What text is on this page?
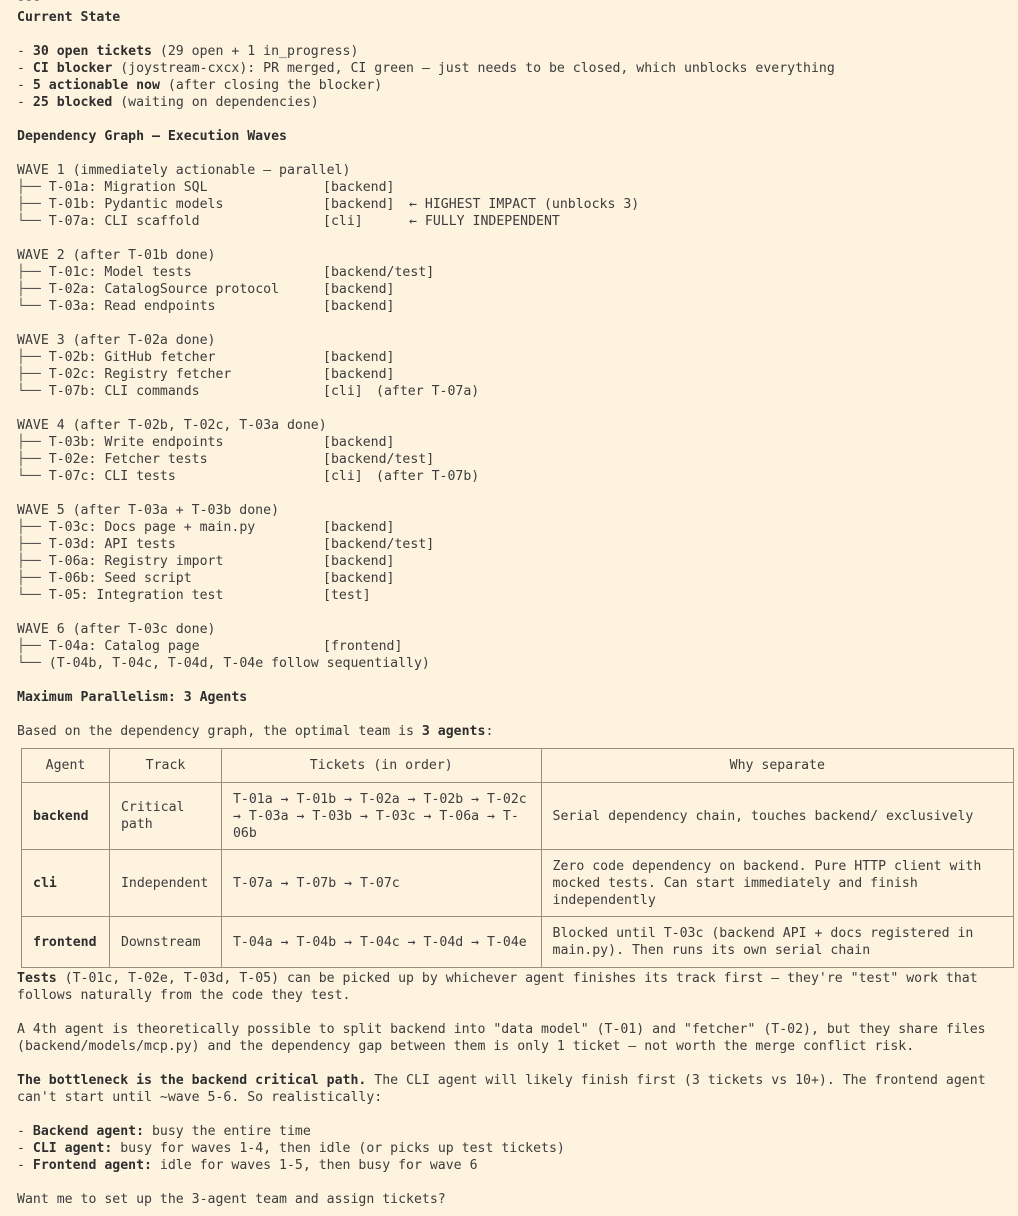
---
Current State
- 30 open tickets (29 open + 1 in_progress)
- CI blocker (joystream-cxcx): PR merged, CI green — just needs to be closed, which unblocks everything
- 5 actionable now (after closing the blocker)
- 25 blocked (waiting on dependencies)
Dependency Graph — Execution Waves
WAVE 1 (immediately actionable — parallel)
├── T-01a: Migration SQL	[backend]
├── T-01b: Pydantic models	[backend] ← HIGHEST IMPACT (unblocks 3)
└── T-07a: CLI scaffold	[cli]	← FULLY INDEPENDENT
WAVE 2 (after T-01b done)
├── T-01c: Model tests	[backend/test]
├── T-02a: CatalogSource protocol	[backend]
└── T-03a: Read endpoints	[backend]
WAVE 3 (after T-02a done)
├── T-02b: GitHub fetcher	[backend]
├── T-02c: Registry fetcher	[backend]
└── T-07b: CLI commands	[cli] (after T-07a)
WAVE 4 (after T-02b, T-02c, T-03a done)
├── T-03b: Write endpoints	[backend]
├── T-02e: Fetcher tests	[backend/test]
└── T-07c: CLI tests	[cli] (after T-07b)
WAVE 5 (after T-03a + T-03b done)
├── T-03c: Docs page + main.py	[backend]
├── T-03d: API tests	[backend/test]
├── T-06a: Registry import	[backend]
├── T-06b: Seed script	[backend]
└── T-05: Integration test	[test]
WAVE 6 (after T-03c done)
├── T-04a: Catalog page	[frontend]
└── (T-04b, T-04c, T-04d, T-04e follow sequentially)
Maximum Parallelism: 3 Agents
Based on the dependency graph, the optimal team is 3 agents:
Agent	Track	Tickets (in order)	Why separate
backend	Critical path	T-01a → T-01b → T-02a → T-02b → T-02c → T-03a → T-03b → T-03c → T-06a → T-06b	Serial dependency chain, touches backend/ exclusively
cli	Independent	T-07a → T-07b → T-07c	Zero code dependency on backend. Pure HTTP client with mocked tests. Can start immediately and finish independently
frontend	Downstream	T-04a → T-04b → T-04c → T-04d → T-04e	Blocked until T-03c (backend API + docs registered in main.py). Then runs its own serial chain
Tests (T-01c, T-02e, T-03d, T-05) can be picked up by whichever agent finishes its track first — they're "test" work that follows naturally from the code they test.
A 4th agent is theoretically possible to split backend into "data model" (T-01) and "fetcher" (T-02), but they share files (backend/models/mcp.py) and the dependency gap between them is only 1 ticket — not worth the merge conflict risk.
The bottleneck is the backend critical path. The CLI agent will likely finish first (3 tickets vs 10+). The frontend agent can't start until ~wave 5-6. So realistically:
- Backend agent: busy the entire time
- CLI agent: busy for waves 1-4, then idle (or picks up test tickets)
- Frontend agent: idle for waves 1-5, then busy for wave 6
Want me to set up the 3-agent team and assign tickets?
